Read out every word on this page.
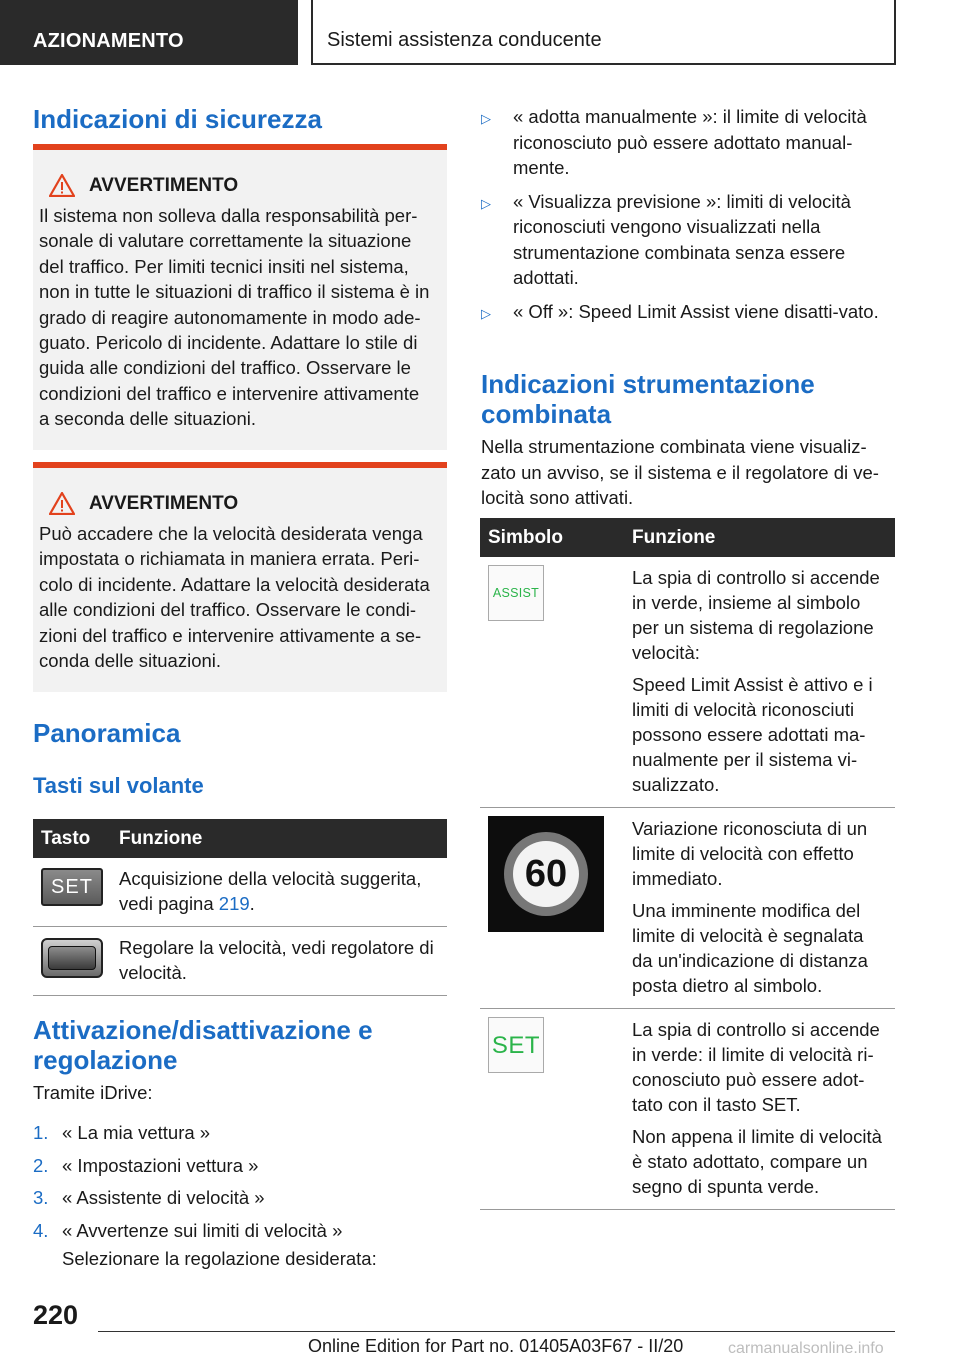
AZIONAMENTO	Sistemi assistenza conducente
Indicazioni di sicurezza
AVVERTIMENTO
Il sistema non solleva dalla responsabilità per-
sonale di valutare correttamente la situazione
del traffico. Per limiti tecnici insiti nel sistema,
non in tutte le situazioni di traffico il sistema è in
grado di reagire autonomamente in modo ade-
guato. Pericolo di incidente. Adattare lo stile di
guida alle condizioni del traffico. Osservare le
condizioni del traffico e intervenire attivamente
a seconda delle situazioni.
AVVERTIMENTO
Può accadere che la velocità desiderata venga
impostata o richiamata in maniera errata. Peri-
colo di incidente. Adattare la velocità desiderata
alle condizioni del traffico. Osservare le condi-
zioni del traffico e intervenire attivamente a se-
conda delle situazioni.
Panoramica
Tasti sul volante
Tasto	Funzione

SET	Acquisizione della velocità suggerita, vedi pagina 219.

	Regolare la velocità, vedi regolatore di velocità.
Attivazione/disattivazione e
regolazione
Tramite iDrive:
1. « La mia vettura »
2. « Impostazioni vettura »
3. « Assistente di velocità »
4. « Avvertenze sui limiti di velocità »
Selezionare la regolazione desiderata:
▷	« adotta manualmente »: il limite di velocità riconosciuto può essere adottato manual-mente.
▷	« Visualizza previsione »: limiti di velocità riconosciuti vengono visualizzati nella strumentazione combinata senza essere adottati.
▷	« Off »: Speed Limit Assist viene disatti-vato.
Indicazioni strumentazione
combinata
Nella strumentazione combinata viene visualiz-zato un avviso, se il sistema e il regolatore di ve-locità sono attivati.
Simbolo	Funzione

ASSIST	La spia di controllo si accende in verde, insieme al simbolo per un sistema di regolazione velocità:

Speed Limit Assist è attivo e i limiti di velocità riconosciuti possono essere adottati ma-nualmente per il sistema vi-sualizzato.

60	Variazione riconosciuta di un limite di velocità con effetto immediato.

Una imminente modifica del limite di velocità è segnalata da un'indicazione di distanza posta dietro al simbolo.

SET	La spia di controllo si accende in verde: il limite di velocità ri-conosciuto può essere adot-tato con il tasto SET.

Non appena il limite di velocità è stato adottato, compare un segno di spunta verde.

220
Online Edition for Part no. 01405A03F67 - II/20	carmanualsonline.info
